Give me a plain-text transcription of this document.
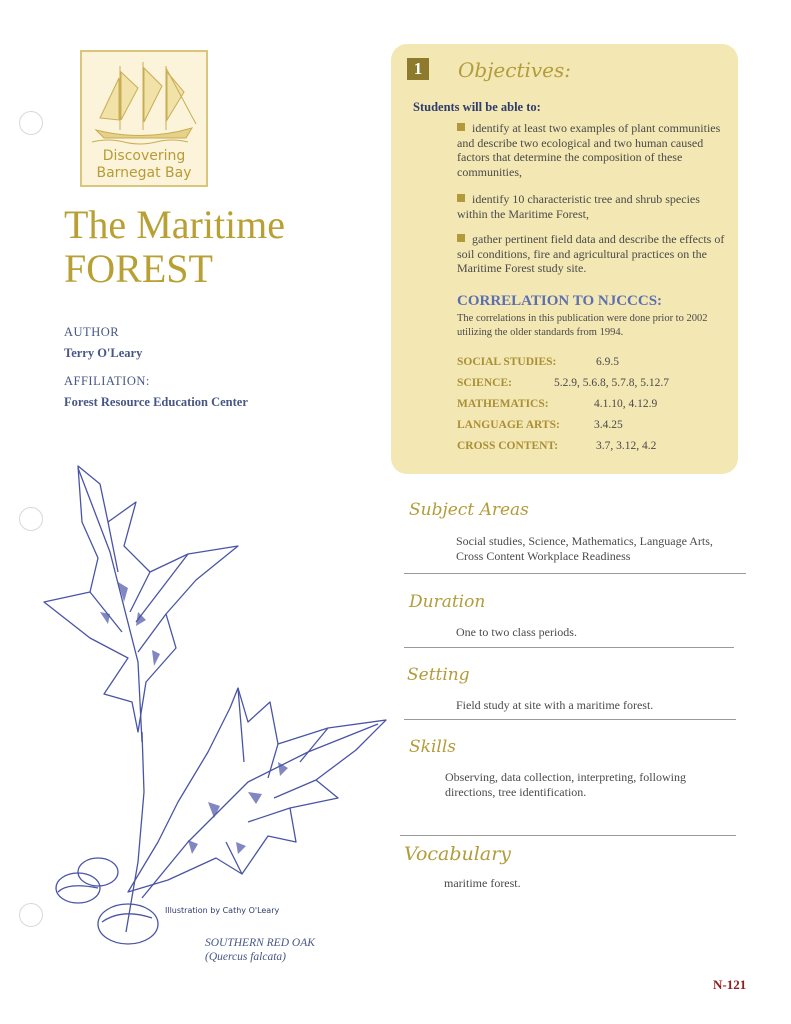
Discovering
Barnegat Bay
The Maritime
FOREST
AUTHOR
Terry O'Leary
AFFILIATION:
Forest Resource Education Center
1	Objectives:
Students will be able to:
identify at least two examples of plant communities and describe two ecological and two human caused factors that determine the composition of these communities,
identify 10 characteristic tree and shrub species within the Maritime Forest,
gather pertinent field data and describe the effects of soil conditions, fire and agricultural practices on the Maritime Forest study site.
CORRELATION TO NJCCCS:
The correlations in this publication were done prior to 2002 utilizing the older standards from 1994.
SOCIAL STUDIES:	6.9.5
SCIENCE:	5.2.9, 5.6.8, 5.7.8, 5.12.7
MATHEMATICS:	4.1.10, 4.12.9
LANGUAGE ARTS:	3.4.25
CROSS CONTENT:	3.7, 3.12, 4.2
Subject Areas
Social studies, Science, Mathematics, Language Arts, Cross Content Workplace Readiness
Duration
One to two class periods.
Setting
Field study at site with a maritime forest.
Skills
Observing, data collection, interpreting, following directions, tree identification.
Vocabulary
maritime forest.
Illustration by Cathy O'Leary
SOUTHERN RED OAK
(Quercus falcata)
N-121
